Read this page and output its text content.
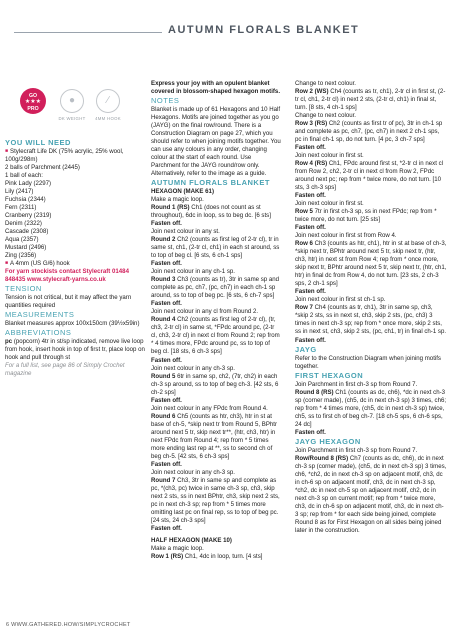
AUTUMN FLORALS BLANKET
GO
★★★
PRO
●
DK WEIGHT
∕
4MM HOOK

YOU WILL NEED

■ Stylecraft Life DK (75% acrylic, 25% wool, 100g/298m)

2 balls of Parchment (2445)

1 ball of each:

Pink Lady (2297)

Lily (2417)

Fuchsia (2344)

Fern (2311)

Cranberry (2319)

Denim (2322)

Cascade (2308)

Aqua (2357)

Mustard (2496)

Zing (2356)

■ A 4mm (US G/6) hook

For yarn stockists contact Stylecraft 01484 848435 www.stylecraft-yarns.co.uk

TENSION

Tension is not critical, but it may affect the yarn quantities required

MEASUREMENTS

Blanket measures approx 100x150cm (39½x59in)

ABBREVIATIONS

pc (popcorn) 4tr in st/sp indicated, remove live loop from hook, insert hook in top of first tr, place loop on hook and pull through st

For a full list, see page 86 of Simply Crochet magazine

Express your joy with an opulent blanket covered in blossom-shaped hexagon motifs.

NOTES

Blanket is made up of 61 Hexagons and 10 Half Hexagons. Motifs are joined together as you go (JAYG) on the final row/round. There is a Construction Diagram on page 27, which you should refer to when joining motifs together. You can use any colours in any order, changing colour at the start of each round. Use Parchment for the JAYG round/row only. Alternatively, refer to the image as a guide.

AUTUMN FLORALS BLANKET

HEXAGON (MAKE 61)

Make a magic loop.

Round 1 (RS) Ch1 (does not count as st throughout), 6dc in loop, ss to beg dc. [6 sts]

Fasten off.

Join next colour in any st.

Round 2 Ch2 (counts as first leg of 2-tr cl), tr in same st, ch1, (2-tr cl, ch1) in each st around, ss to top of beg cl. [6 sts, 6 ch-1 sps]

Fasten off.

Join next colour in any ch-1 sp.

Round 3 Ch3 (counts as tr), 3tr in same sp and complete as pc, ch7, (pc, ch7) in each ch-1 sp around, ss to top of beg pc. [6 sts, 6 ch-7 sps]

Fasten off.

Join next colour in any cl from Round 2.

Round 4 Ch2 (counts as first leg of 2-tr cl), (tr, ch3, 2-tr cl) in same st, *FPdc around pc, (2-tr cl, ch3, 2-tr cl) in next cl from Round 2; rep from * 4 times more, FPdc around pc, ss to top of beg cl. [18 sts, 6 ch-3 sps]

Fasten off.

Join next colour in any ch-3 sp.

Round 5 6tr in same sp, ch2, (7tr, ch2) in each ch-3 sp around, ss to top of beg ch-3. [42 sts, 6 ch-2 sps]

Fasten off.

Join next colour in any FPdc from Round 4.

Round 6 Ch5 (counts as htr, ch3), htr in st at base of ch-5, *skip next tr from Round 5, BPhtr around next 5 tr, skip next tr**, (htr, ch3, htr) in next FPdc from Round 4; rep from * 5 times more ending last rep at **, ss to second ch of beg ch-5. [42 sts, 6 ch-3 sps]

Fasten off.

Join next colour in any ch-3 sp.

Round 7 Ch3, 3tr in same sp and complete as pc, *(ch3, pc) twice in same ch-3 sp, ch3, skip next 2 sts, ss in next BPhtr, ch3, skip next 2 sts, pc in next ch-3 sp; rep from * 5 times more omitting last pc on final rep, ss to top of beg pc. [24 sts, 24 ch-3 sps]

Fasten off.

HALF HEXAGON (MAKE 10)

Make a magic loop.

Row 1 (RS) Ch1, 4dc in loop, turn. [4 sts]

Change to next colour.

Row 2 (WS) Ch4 (counts as tr, ch1), 2-tr cl in first st, (2-tr cl, ch1, 2-tr cl) in next 2 sts, (2-tr cl, ch1) in final st, turn. [8 sts, 4 ch-1 sps]

Change to next colour.

Row 3 (RS) Ch2 (counts as first tr of pc), 3tr in ch-1 sp and complete as pc, ch7, (pc, ch7) in next 2 ch-1 sps, pc in final ch-1 sp, do not turn. [4 pc, 3 ch-7 sps]

Fasten off.

Join next colour in first st.

Row 4 (RS) Ch1, FPdc around first st, *2-tr cl in next cl from Row 2, ch2, 2-tr cl in next cl from Row 2, FPdc around next pc; rep from * twice more, do not turn. [10 sts, 3 ch-3 sps]

Fasten off.

Join next colour in first st.

Row 5 7tr in first ch-3 sp, ss in next FPdc; rep from * twice more, do not turn. [25 sts]

Fasten off.

Join next colour in first st from Row 4.

Row 6 Ch3 (counts as htr, ch1), htr in st at base of ch-3, *skip next tr, BPhtr around next 5 tr, skip next tr, (htr, ch3, htr) in next st from Row 4; rep from * once more, skip next tr, BPhtr around next 5 tr, skip next tr, (htr, ch1, htr) in final dc from Row 4, do not turn. [23 sts, 2 ch-3 sps, 2 ch-1 sps]

Fasten off.

Join next colour in first st ch-1 sp.

Row 7 Ch4 (counts as tr, ch1), 3tr in same sp, ch3, *skip 2 sts, ss in next st, ch3, skip 2 sts, (pc, ch3) 3 times in next ch-3 sp; rep from * once more, skip 2 sts, ss in next st, ch3, skip 2 sts, (pc, ch1, tr) in final ch-1 sp.

Fasten off.

JAYG

Refer to the Construction Diagram when joining motifs together.

FIRST HEXAGON

Join Parchment in first ch-3 sp from Round 7.

Round 8 (RS) Ch1 (counts as dc, ch6), *dc in next ch-3 sp (corner made), (ch5, dc in next ch-3 sp) 3 times, ch6; rep from * 4 times more, (ch5, dc in next ch-3 sp) twice, ch5, ss to first ch of beg ch-7. [18 ch-5 sps, 6 ch-6 sps, 24 dc]

Fasten off.

JAYG HEXAGON

Join Parchment in first ch-3 sp from Round 7.

Row/Round 8 (RS) Ch7 (counts as dc, ch6), dc in next ch-3 sp (corner made), (ch5, dc in next ch-3 sp) 3 times, ch6, *ch2, dc in next ch-3 sp on adjacent motif, ch3, dc in ch-6 sp on adjacent motif, ch3, dc in next ch-3 sp, *ch2, dc in next ch-5 sp on adjacent motif, ch2, dc in next ch-3 sp on current motif; rep from * twice more, ch3, dc in ch-6 sp on adjacent motif, ch3, dc in next ch-3 sp; rep from * for each side being joined, complete Round 8 as for First Hexagon on all sides being joined later in the construction.

6 WWW.GATHERED.HOW/SIMPLYCROCHET
